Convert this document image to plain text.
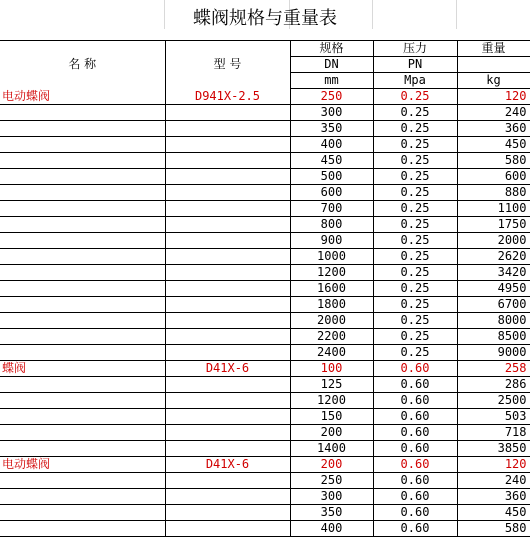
蝶阀规格与重量表
名 称	型 号	规格	压力	重量
		DN	PN	
		mm	Mpa	kg
电动蝶阀	D941X-2.5	250	0.25	120
		300	0.25	240
		350	0.25	360
		400	0.25	450
		450	0.25	580
		500	0.25	600
		600	0.25	880
		700	0.25	1100
		800	0.25	1750
		900	0.25	2000
		1000	0.25	2620
		1200	0.25	3420
		1600	0.25	4950
		1800	0.25	6700
		2000	0.25	8000
		2200	0.25	8500
		2400	0.25	9000
蝶阀	D41X-6	100	0.60	258
		125	0.60	286
		1200	0.60	2500
		150	0.60	503
		200	0.60	718
		1400	0.60	3850
电动蝶阀	D41X-6	200	0.60	120
		250	0.60	240
		300	0.60	360
		350	0.60	450
		400	0.60	580
